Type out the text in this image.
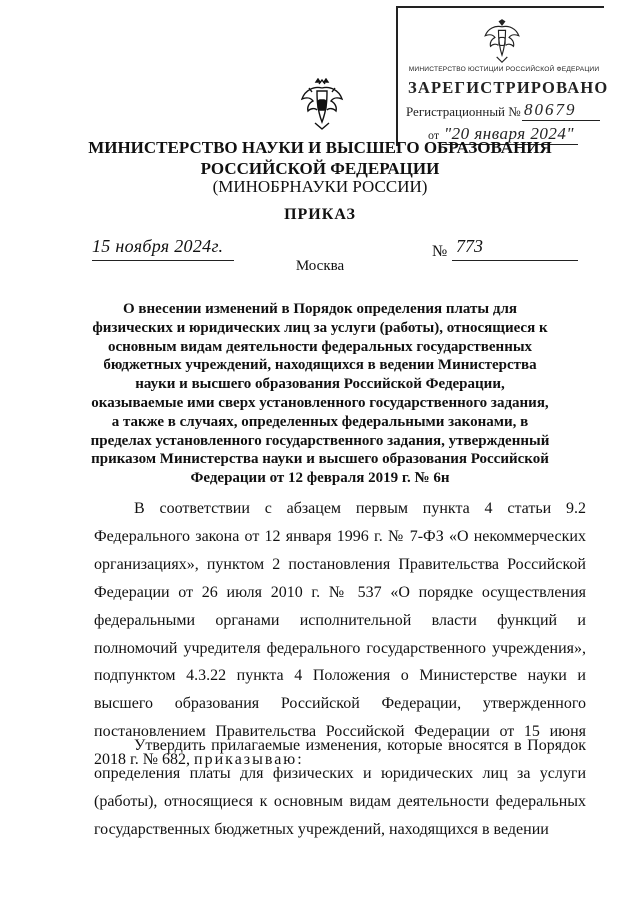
МИНИСТЕРСТВО ЮСТИЦИИ РОССИЙСКОЙ ФЕДЕРАЦИИ
ЗАРЕГИСТРИРОВАНО
Регистрационный № 80679
от "20 января 2024"
МИНИСТЕРСТВО НАУКИ И ВЫСШЕГО ОБРАЗОВАНИЯ
РОССИЙСКОЙ ФЕДЕРАЦИИ
(МИНОБРНАУКИ РОССИИ)
ПРИКАЗ
15 ноября 2024г.	№ 773
Москва
О внесении изменений в Порядок определения платы для физических и юридических лиц за услуги (работы), относящиеся к основным видам деятельности федеральных государственных бюджетных учреждений, находящихся в ведении Министерства науки и высшего образования Российской Федерации, оказываемые ими сверх установленного государственного задания, а также в случаях, определенных федеральными законами, в пределах установленного государственного задания, утвержденный приказом Министерства науки и высшего образования Российской Федерации от 12 февраля 2019 г. № 6н
В соответствии с абзацем первым пункта 4 статьи 9.2 Федерального закона от 12 января 1996 г. № 7-ФЗ «О некоммерческих организациях», пунктом 2 постановления Правительства Российской Федерации от 26 июля 2010 г. № 537 «О порядке осуществления федеральными органами исполнительной власти функций и полномочий учредителя федерального государственного учреждения», подпунктом 4.3.22 пункта 4 Положения о Министерстве науки и высшего образования Российской Федерации, утвержденного постановлением Правительства Российской Федерации от 15 июня 2018 г. № 682, приказываю:
Утвердить прилагаемые изменения, которые вносятся в Порядок определения платы для физических и юридических лиц за услуги (работы), относящиеся к основным видам деятельности федеральных государственных бюджетных учреждений, находящихся в ведении
